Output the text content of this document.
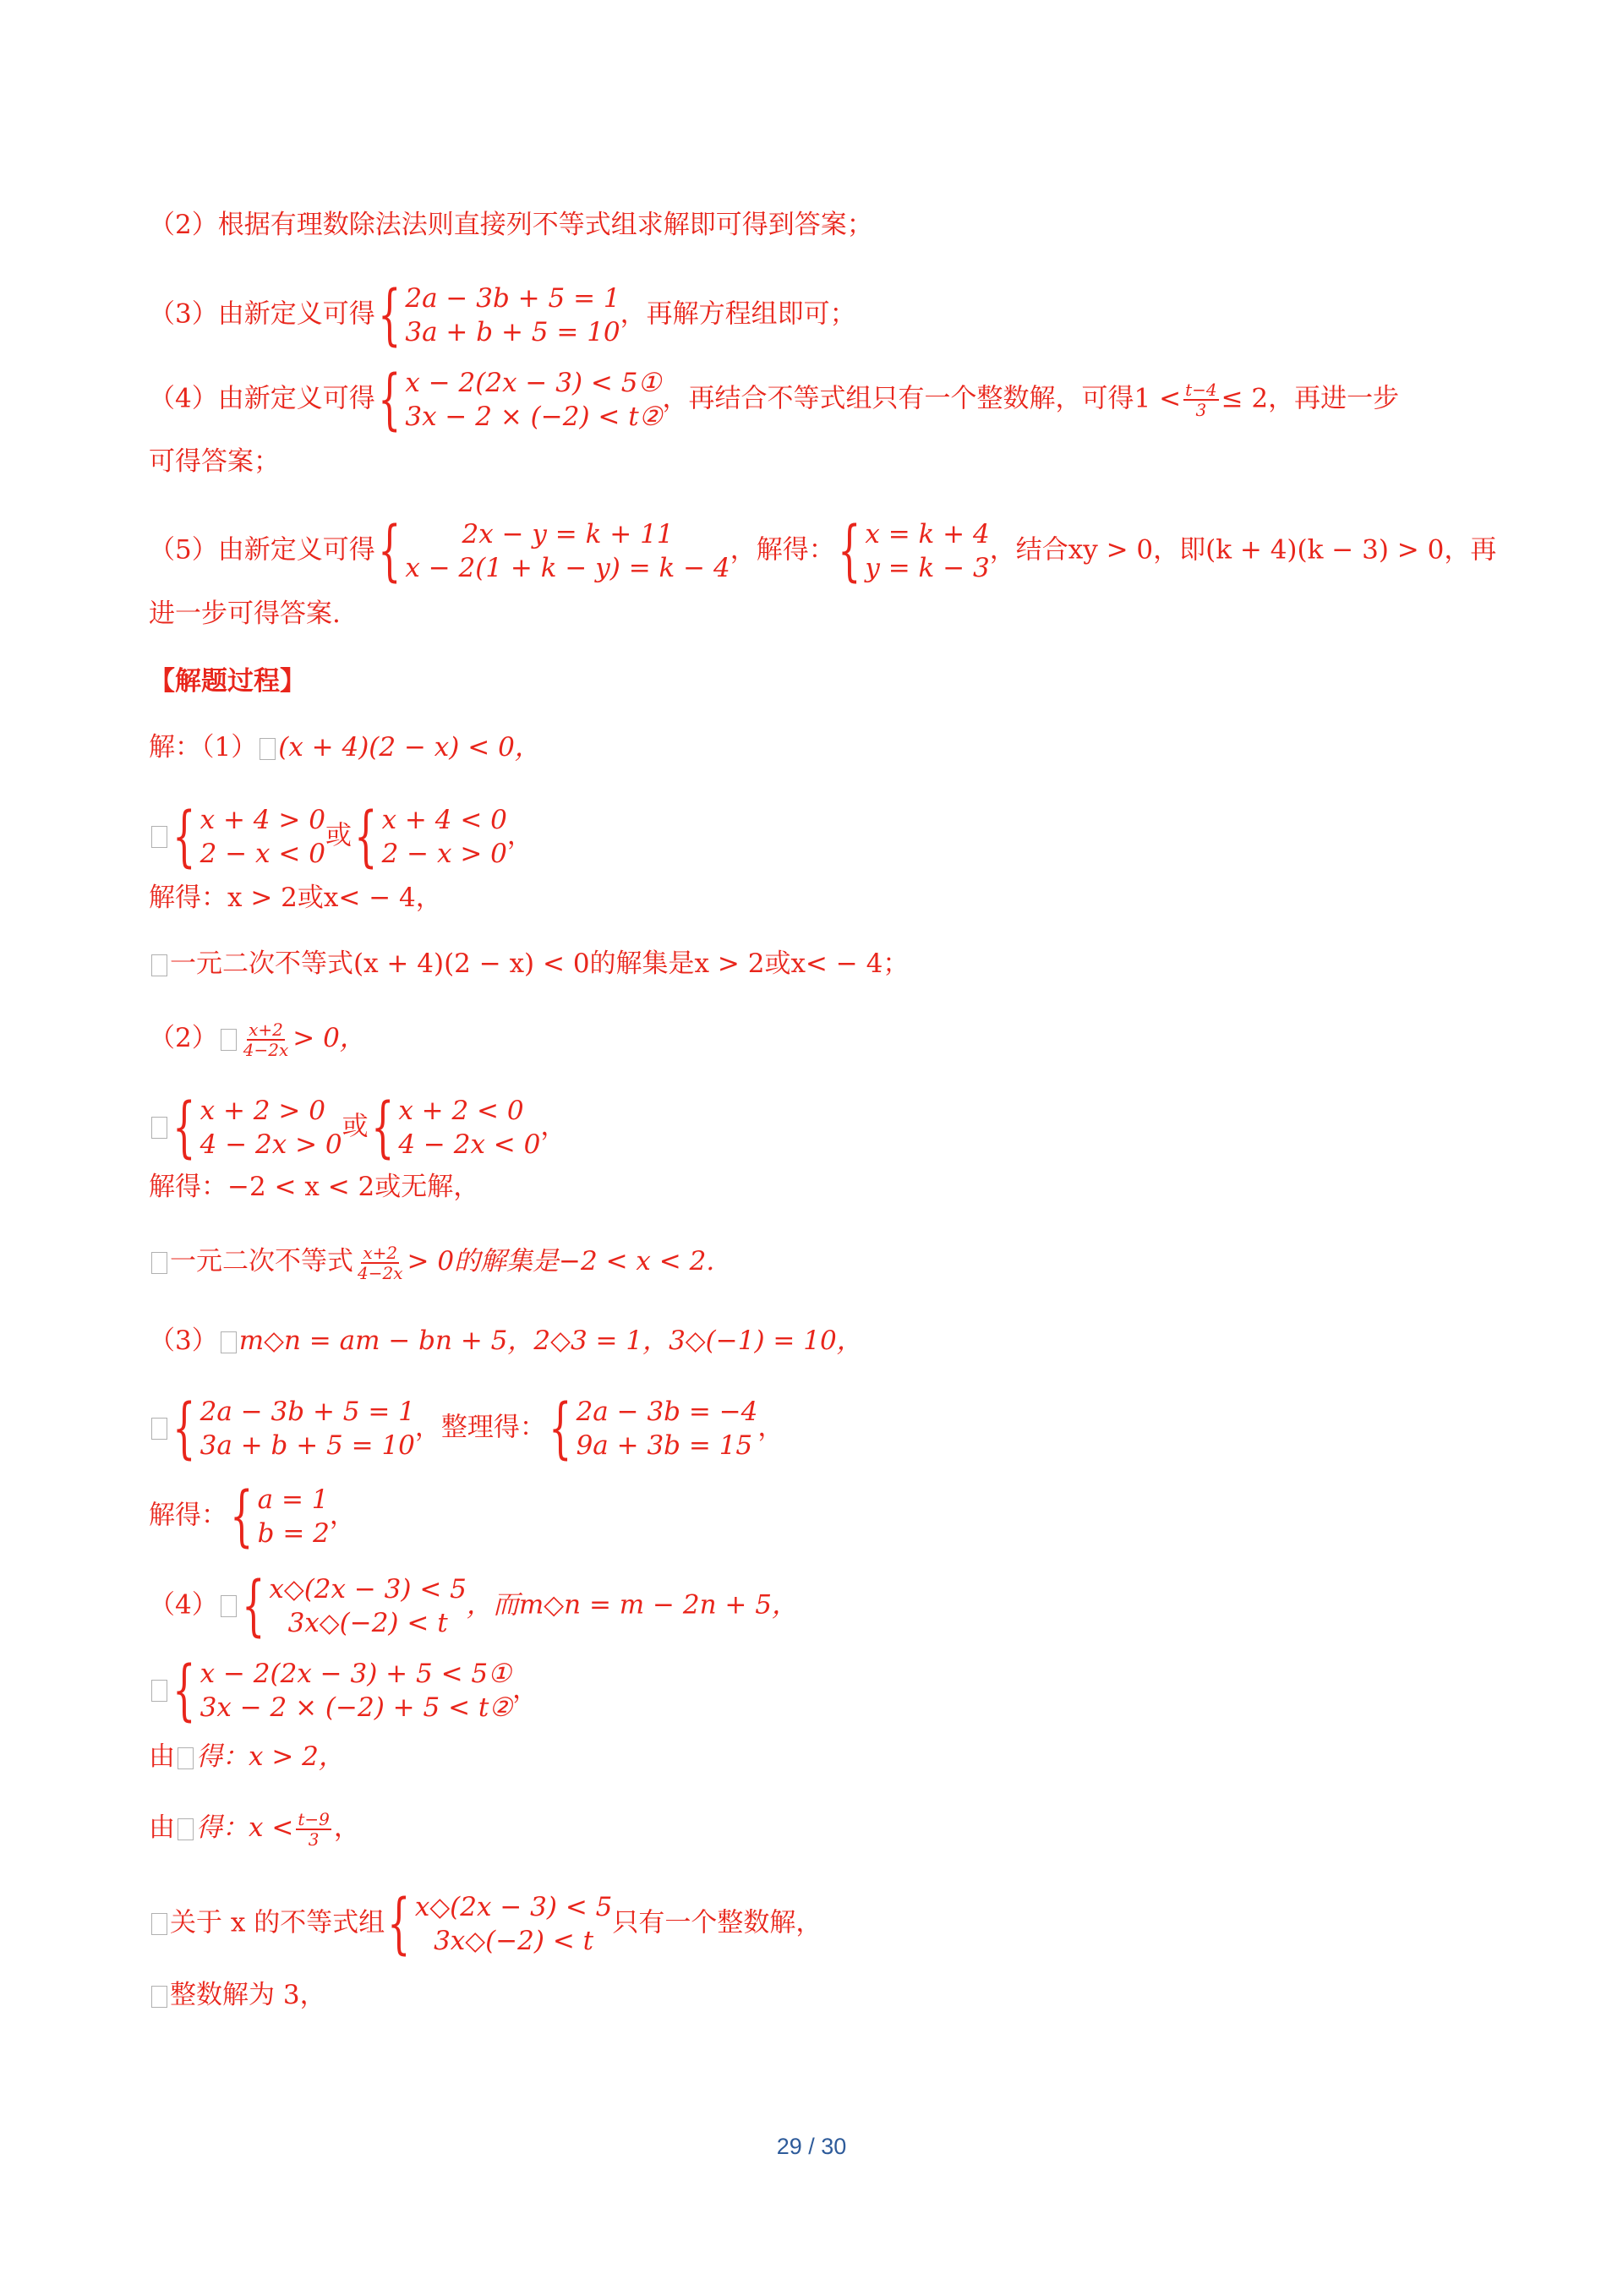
（2）根据有理数除法法则直接列不等式组求解即可得到答案；
（3）由新定义可得 { 2a − 3b + 5 = 1
3a + b + 5 = 10
，再解方程组即可；
（4）由新定义可得 { x − 2(2x − 3) < 5①
3x − 2 × (−2) < t②
，再结合不等式组只有一个整数解，可得$1 < \frac{t-4}{3} \le 2$，再进一步
可得答案；
（5）由新定义可得 { 2x − y = k + 11
x − 2(1 + k − y) = k − 4
，解得： { x = k + 4
y = k − 3
，结合xy > 0，即(k + 4)(k − 3) > 0，再
进一步可得答案.
【解题过程】
解：（1） (x + 4)(2 − x) < 0，
{ x + 4 > 0
2 − x < 0
或 { x + 4 < 0
2 − x > 0
，
解得：x > 2或x< − 4，
一元二次不等式(x + 4)(2 − x) < 0的解集是x > 2或x< − 4；
$(2) \frac{x+2}{4-2x} > 0$，
{ x + 2 > 0
4 − 2x > 0
或 { x + 2 < 0
4 − 2x < 0
，
解得：−2 < x < 2或无解，
一元二次不等式 $\frac{x+2}{4-2x} > 0$的解集是−2 < x < 2.
（3） m◇n = am − bn + 5，2◇3 = 1，3◇(−1) = 10，
{ 2a − 3b + 5 = 1
3a + b + 5 = 10
，整理得： { 2a − 3b = −4
9a + 3b = 15
，
解得： { a = 1
b = 2
，
（4） { x◇(2x − 3) < 5
3x◇(−2) < t
，而m◇n = m − 2n + 5，
{ x − 2(2x − 3) + 5 < 5①
3x − 2 × (−2) + 5 < t②
，
由 得：x > 2，
由 得：$x < \frac{t-9}{3}$ ，
关于 x 的不等式组 { x◇(2x − 3) < 5
3x◇(−2) < t
只有一个整数解，
整数解为 3，
29 / 30
